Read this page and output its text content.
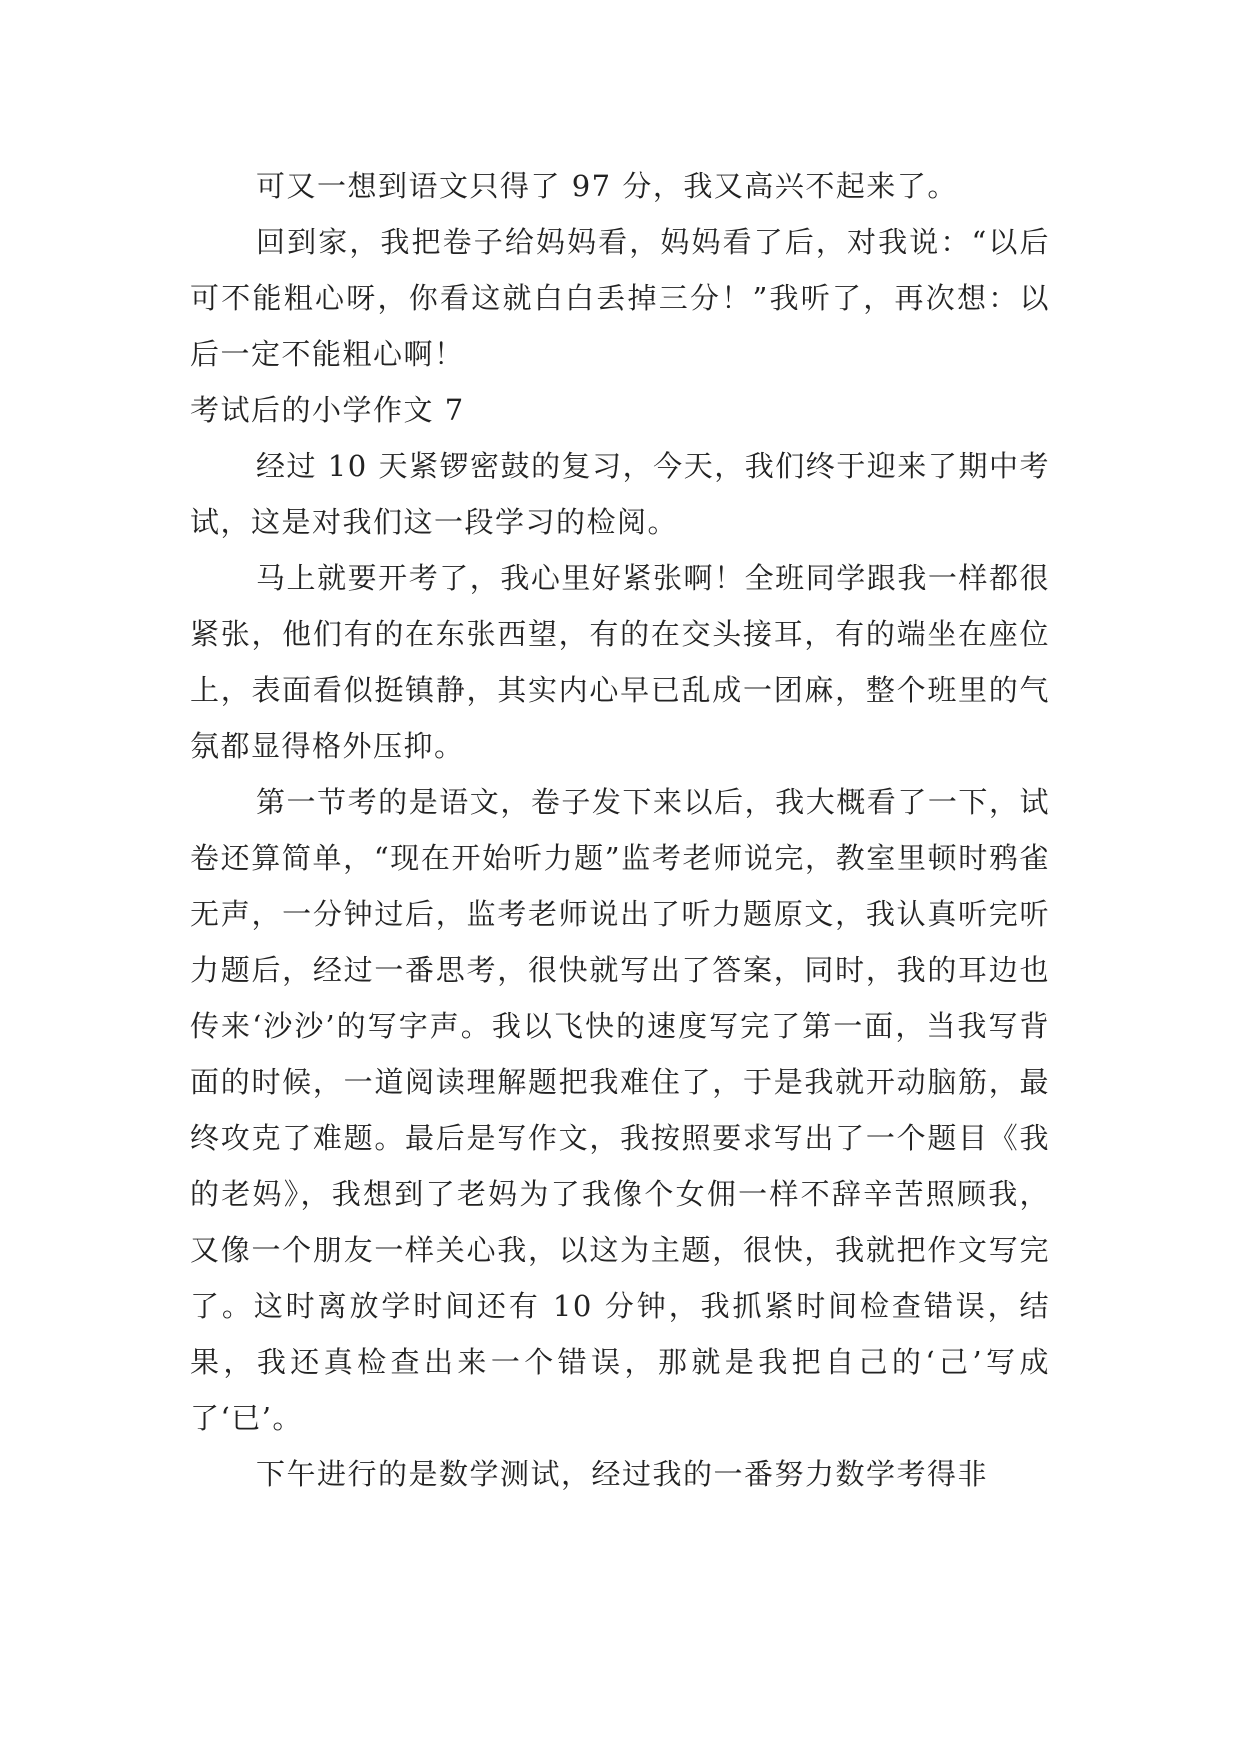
可又一想到语文只得了 97 分，我又高兴不起来了。

回到家，我把卷子给妈妈看，妈妈看了后，对我说：“以后可不能粗心呀，你看这就白白丢掉三分！”我听了，再次想：以后一定不能粗心啊！

考试后的小学作文 7

经过 10 天紧锣密鼓的复习，今天，我们终于迎来了期中考试，这是对我们这一段学习的检阅。

马上就要开考了，我心里好紧张啊！全班同学跟我一样都很紧张，他们有的在东张西望，有的在交头接耳，有的端坐在座位上，表面看似挺镇静，其实内心早已乱成一团麻，整个班里的气氛都显得格外压抑。

第一节考的是语文，卷子发下来以后，我大概看了一下，试卷还算简单，“现在开始听力题”监考老师说完，教室里顿时鸦雀无声，一分钟过后，监考老师说出了听力题原文，我认真听完听力题后，经过一番思考，很快就写出了答案，同时，我的耳边也传来‘沙沙’的写字声。我以飞快的速度写完了第一面，当我写背面的时候，一道阅读理解题把我难住了，于是我就开动脑筋，最终攻克了难题。最后是写作文，我按照要求写出了一个题目《我的老妈》，我想到了老妈为了我像个女佣一样不辞辛苦照顾我，又像一个朋友一样关心我，以这为主题，很快，我就把作文写完了。这时离放学时间还有 10 分钟，我抓紧时间检查错误，结果，我还真检查出来一个错误，那就是我把自己的‘己’写成了‘已’。

下午进行的是数学测试，经过我的一番努力数学考得非
